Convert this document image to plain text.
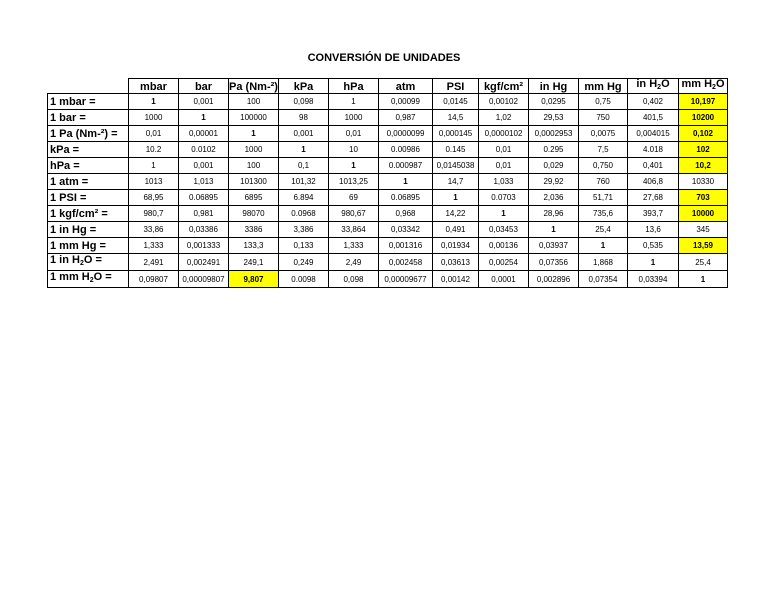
CONVERSIÓN DE UNIDADES
	mbar	bar	Pa (Nm-²)	kPa	hPa	atm	PSI	kgf/cm²	in Hg	mm Hg	in $H_2O$	mm $H_2O$
1 mbar =	1	0,001	100	0,098	1	0,00099	0,0145	0,00102	0,0295	0,75	0,402	10,197
1 bar =	1000	1	100000	98	1000	0,987	14,5	1,02	29,53	750	401,5	10200
1 Pa (Nm-²) =	0,01	0,00001	1	0,001	0,01	0,0000099	0,000145	0,0000102	0,0002953	0,0075	0,004015	0,102
kPa =	10.2	0.0102	1000	1	10	0.00986	0.145	0,01	0.295	7,5	4.018	102
hPa =	1	0,001	100	0,1	1	0.000987	0,0145038	0,01	0,029	0,750	0,401	10,2
1 atm =	1013	1,013	101300	101,32	1013,25	1	14,7	1,033	29,92	760	406,8	10330
1 PSI =	68,95	0.06895	6895	6.894	69	0.06895	1	0.0703	2,036	51,71	27,68	703
1 kgf/cm² =	980,7	0,981	98070	0.0968	980,67	0,968	14,22	1	28,96	735,6	393,7	10000
1 in Hg =	33,86	0,03386	3386	3,386	33,864	0,03342	0,491	0,03453	1	25,4	13,6	345
1 mm Hg =	1,333	0,001333	133,3	0,133	1,333	0,001316	0,01934	0,00136	0,03937	1	0,535	13,59
1 in $H_2O$ =	2,491	0,002491	249,1	0,249	2,49	0,002458	0,03613	0,00254	0,07356	1,868	1	25,4
1 mm $H_2O$ =	0,09807	0,00009807	9,807	0.0098	0,098	0,00009677	0,00142	0,0001	0,002896	0,07354	0,03394	1
